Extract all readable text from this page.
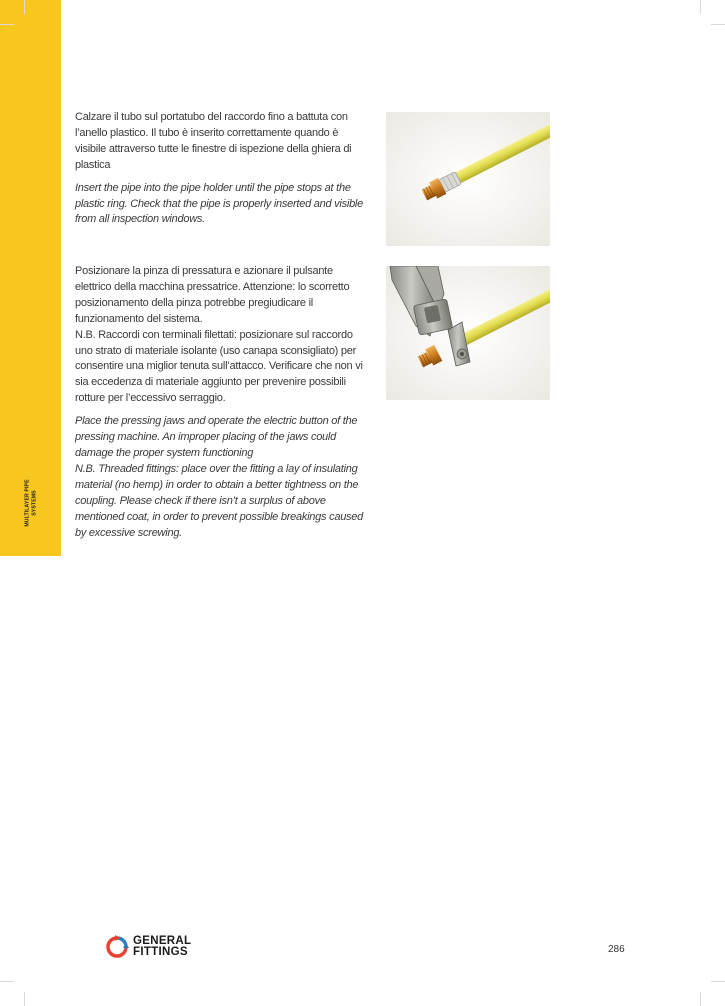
MULTILAYER PIPE SYSTEMS

Calzare il tubo sul portatubo del raccordo fino a battuta con
l’anello plastico. Il tubo è inserito correttamente quando è
visibile attraverso tutte le finestre di ispezione della ghiera di
plastica

Insert the pipe into the pipe holder until the pipe stops at the
plastic ring. Check that the pipe is properly inserted and visible
from all inspection windows.

Posizionare la pinza di pressatura e azionare il pulsante
elettrico della macchina pressatrice. Attenzione: lo scorretto
posizionamento della pinza potrebbe pregiudicare il
funzionamento del sistema.
N.B. Raccordi con terminali filettati: posizionare sul raccordo
uno strato di materiale isolante (uso canapa sconsigliato) per
consentire una miglior tenuta sull’attacco. Verificare che non vi
sia eccedenza di materiale aggiunto per prevenire possibili
rotture per l’eccessivo serraggio.

Place the pressing jaws and operate the electric button of the
pressing machine. An improper placing of the jaws could
damage the proper system functioning
N.B. Threaded fittings: place over the fitting a lay of insulating
material (no hemp) in order to obtain a better tightness on the
coupling. Please check if there isn’t a surplus of above
mentioned coat, in order to prevent possible breakings caused
by excessive screwing.

GENERAL
FITTINGS	286
